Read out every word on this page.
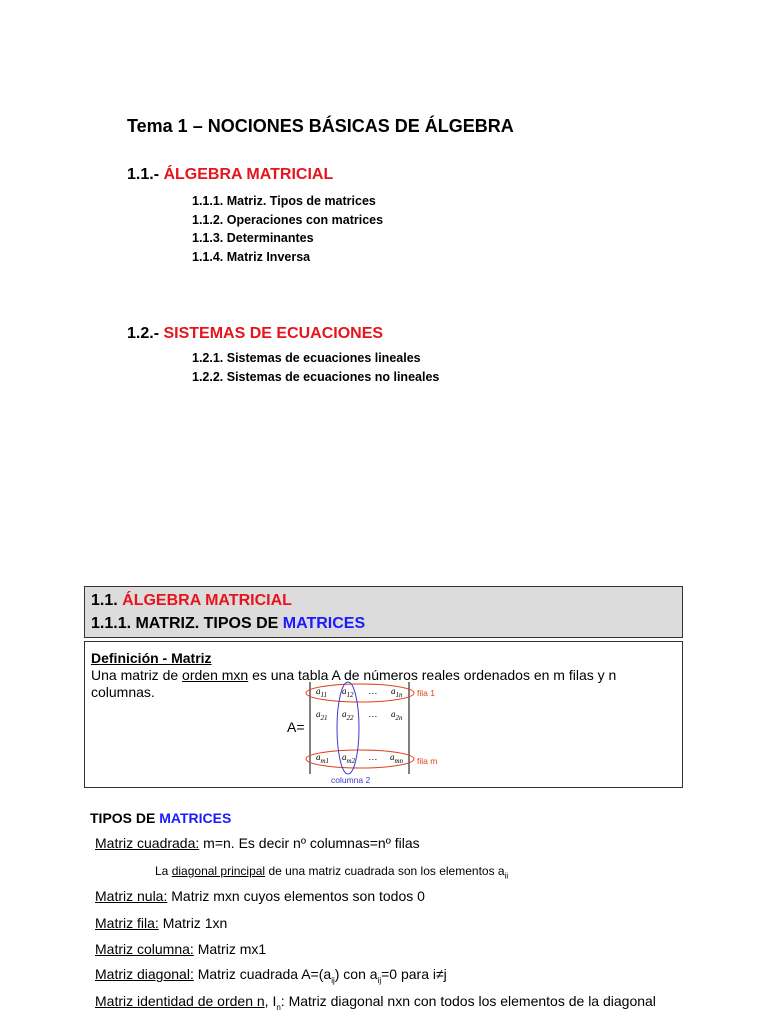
Tema 1 – NOCIONES BÁSICAS DE ÁLGEBRA
1.1.- ÁLGEBRA MATRICIAL
1.1.1. Matriz. Tipos de matrices
1.1.2. Operaciones con matrices
1.1.3. Determinantes
1.1.4. Matriz Inversa
1.2.- SISTEMAS DE ECUACIONES
1.2.1. Sistemas de ecuaciones lineales
1.2.2. Sistemas de ecuaciones no lineales
1.1. ÁLGEBRA MATRICIAL
1.1.1. MATRIZ. TIPOS DE MATRICES
Definición - Matriz
Una matriz de orden mxn es una tabla A de números reales ordenados en m filas y n
columnas.
A=
$a_{11}$ $a_{12}$ … $a_{1n}$
$a_{21}$ $a_{22}$ … $a_{2n}$
$a_{m1}$ $a_{m2}$ … $a_{mn}$
fila 1
fila m
columna 2
TIPOS DE MATRICES
Matriz cuadrada: m=n. Es decir nº columnas=nº filas
La diagonal principal de una matriz cuadrada son los elementos $a_{ii}$
Matriz nula: Matriz mxn cuyos elementos son todos 0
Matriz fila: Matriz 1xn
Matriz columna: Matriz mx1
Matriz diagonal: Matriz cuadrada $A=(a_{ij})$ con $a_{ij}=0$ para i≠j
Matriz identidad de orden n, $I_n$: Matriz diagonal nxn con todos los elementos de la diagonal
